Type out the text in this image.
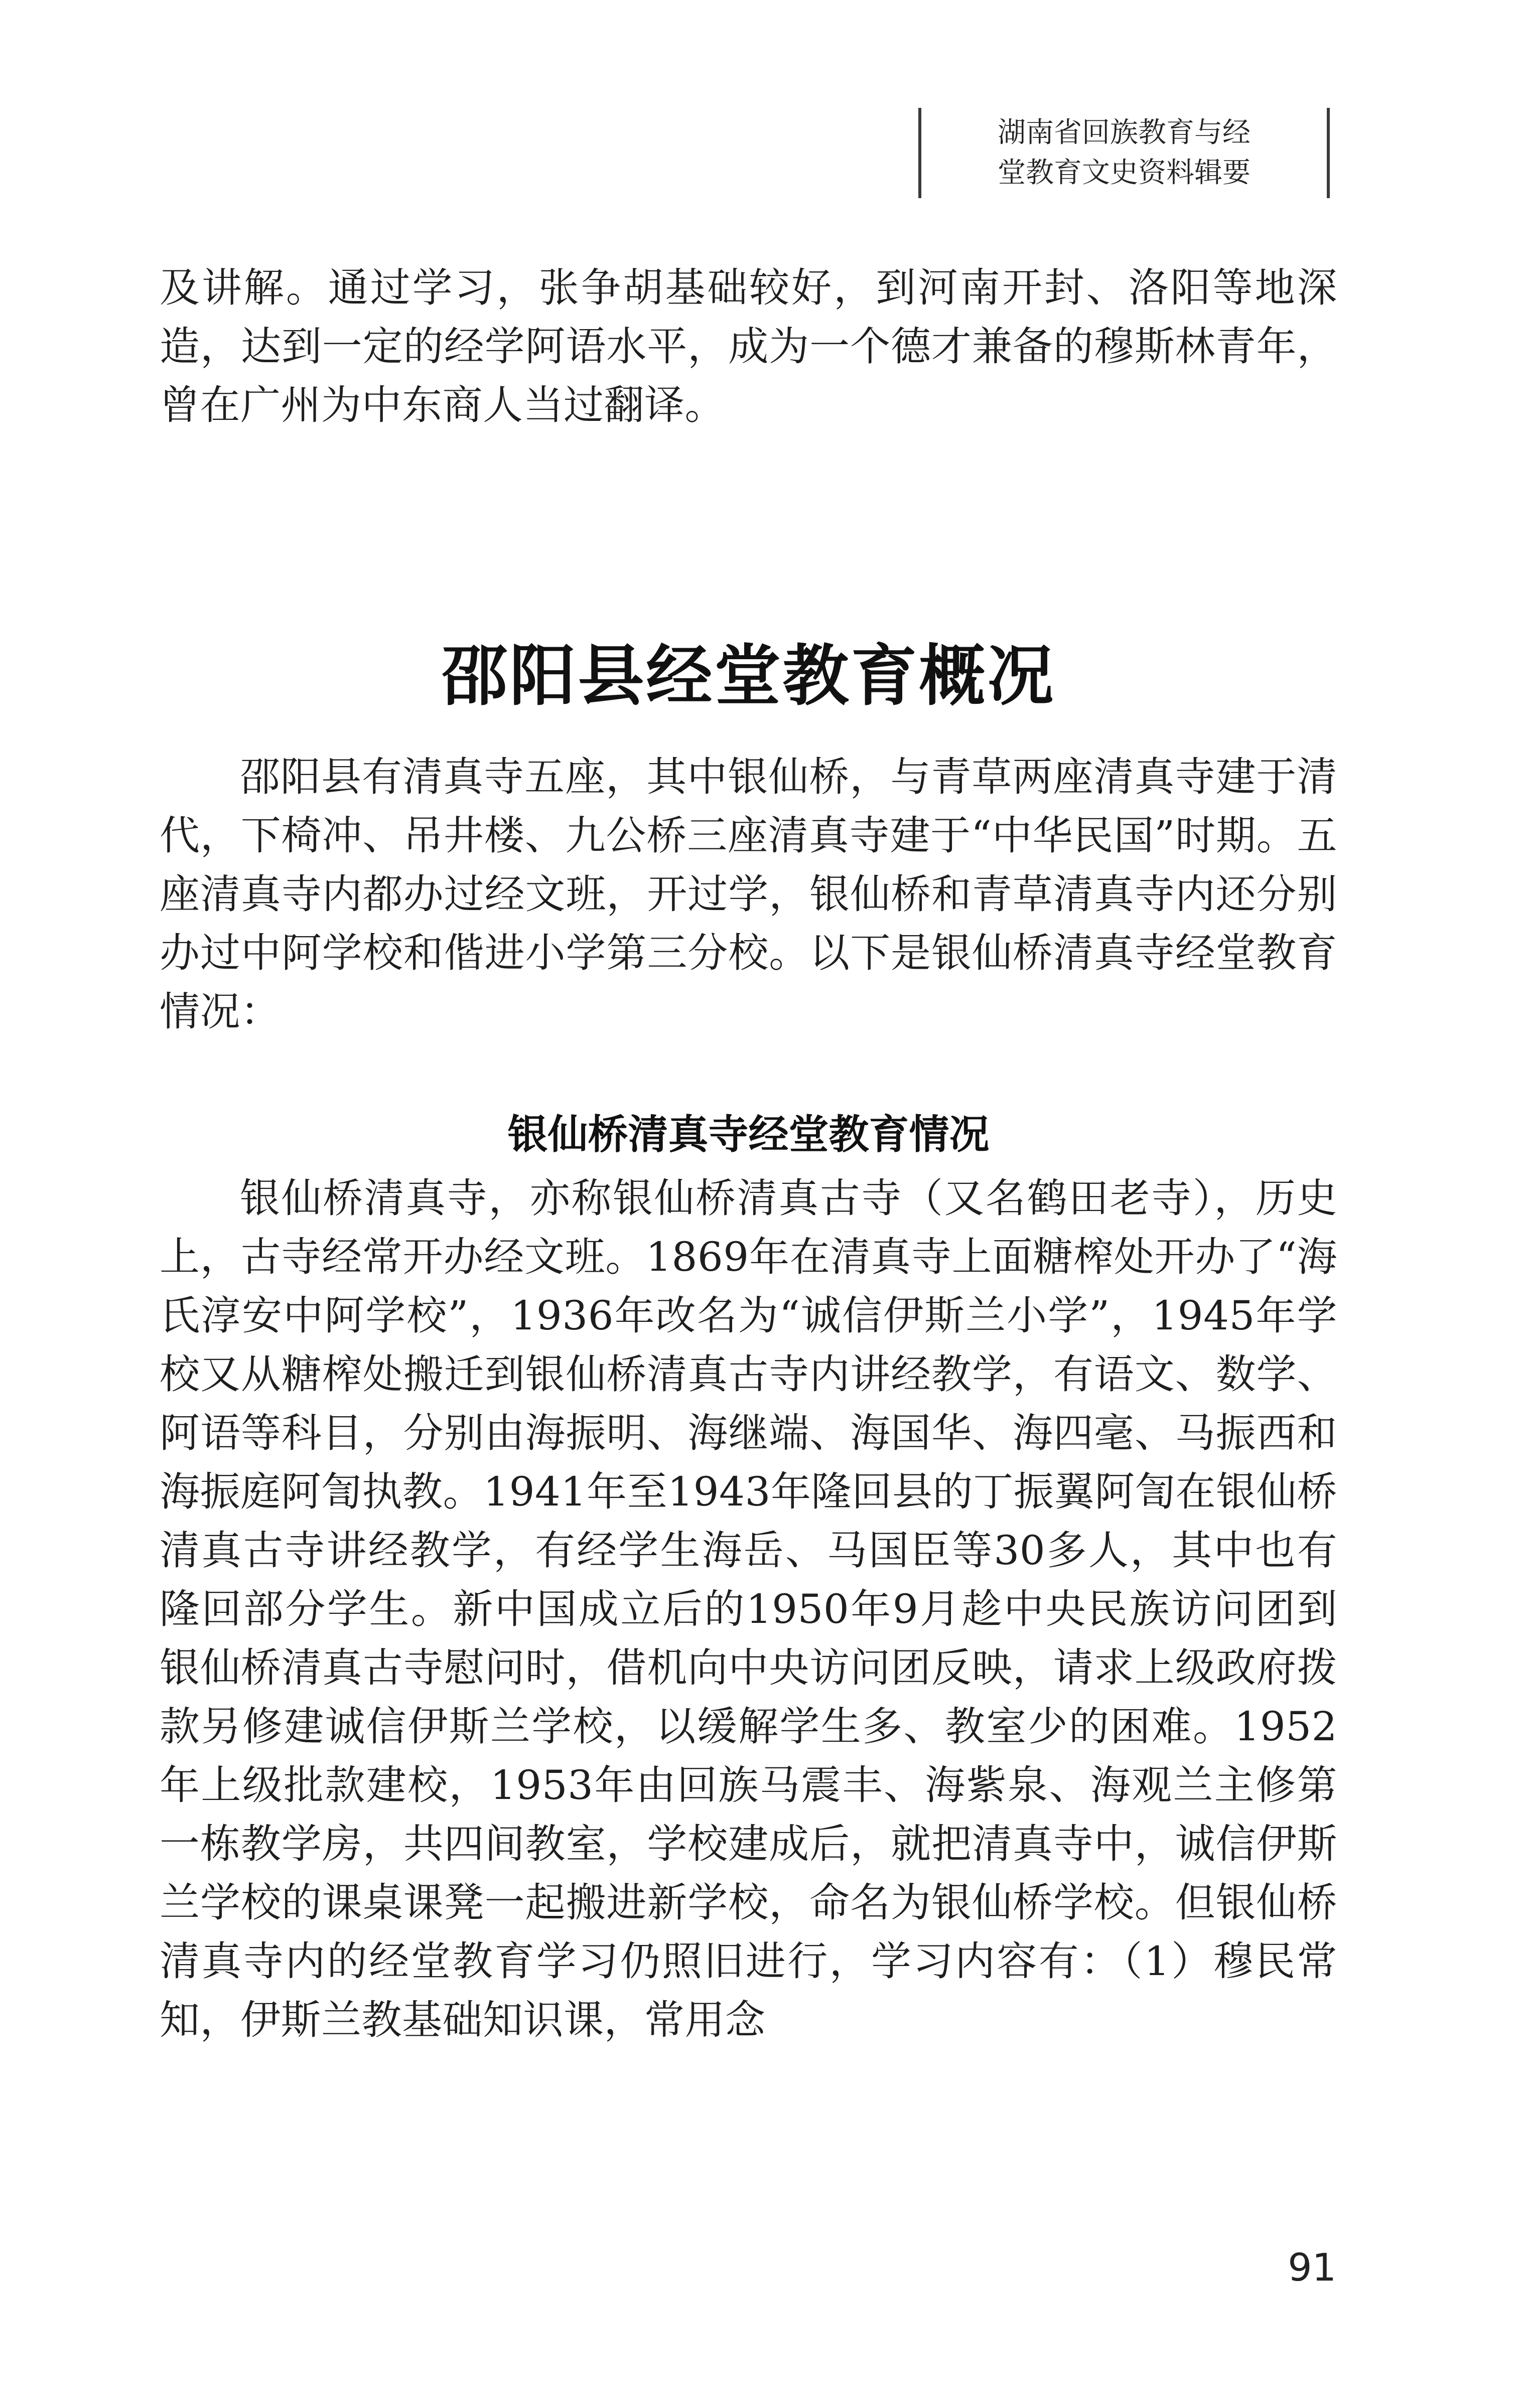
湖南省回族教育与经
堂教育文史资料辑要

及讲解。通过学习，张争胡基础较好，到河南开封、洛阳等地深造，达到一定的经学阿语水平，成为一个德才兼备的穆斯林青年，曾在广州为中东商人当过翻译。

邵阳县经堂教育概况

邵阳县有清真寺五座，其中银仙桥，与青草两座清真寺建于清代，下椅冲、吊井楼、九公桥三座清真寺建于“中华民国”时期。五座清真寺内都办过经文班，开过学，银仙桥和青草清真寺内还分别办过中阿学校和偕进小学第三分校。以下是银仙桥清真寺经堂教育情况：

银仙桥清真寺经堂教育情况

银仙桥清真寺，亦称银仙桥清真古寺（又名鹤田老寺），历史上，古寺经常开办经文班。1869年在清真寺上面糖榨处开办了“海氏淳安中阿学校”，1936年改名为“诚信伊斯兰小学”，1945年学校又从糖榨处搬迁到银仙桥清真古寺内讲经教学，有语文、数学、阿语等科目，分别由海振明、海继端、海国华、海四毫、马振西和海振庭阿訇执教。1941年至1943年隆回县的丁振翼阿訇在银仙桥清真古寺讲经教学，有经学生海岳、马国臣等30多人，其中也有隆回部分学生。新中国成立后的1950年9月趁中央民族访问团到银仙桥清真古寺慰问时，借机向中央访问团反映，请求上级政府拨款另修建诚信伊斯兰学校，以缓解学生多、教室少的困难。1952年上级批款建校，1953年由回族马震丰、海紫泉、海观兰主修第一栋教学房，共四间教室，学校建成后，就把清真寺中，诚信伊斯兰学校的课桌课凳一起搬进新学校，命名为银仙桥学校。但银仙桥清真寺内的经堂教育学习仍照旧进行，学习内容有：（1）穆民常知，伊斯兰教基础知识课，常用念

91
